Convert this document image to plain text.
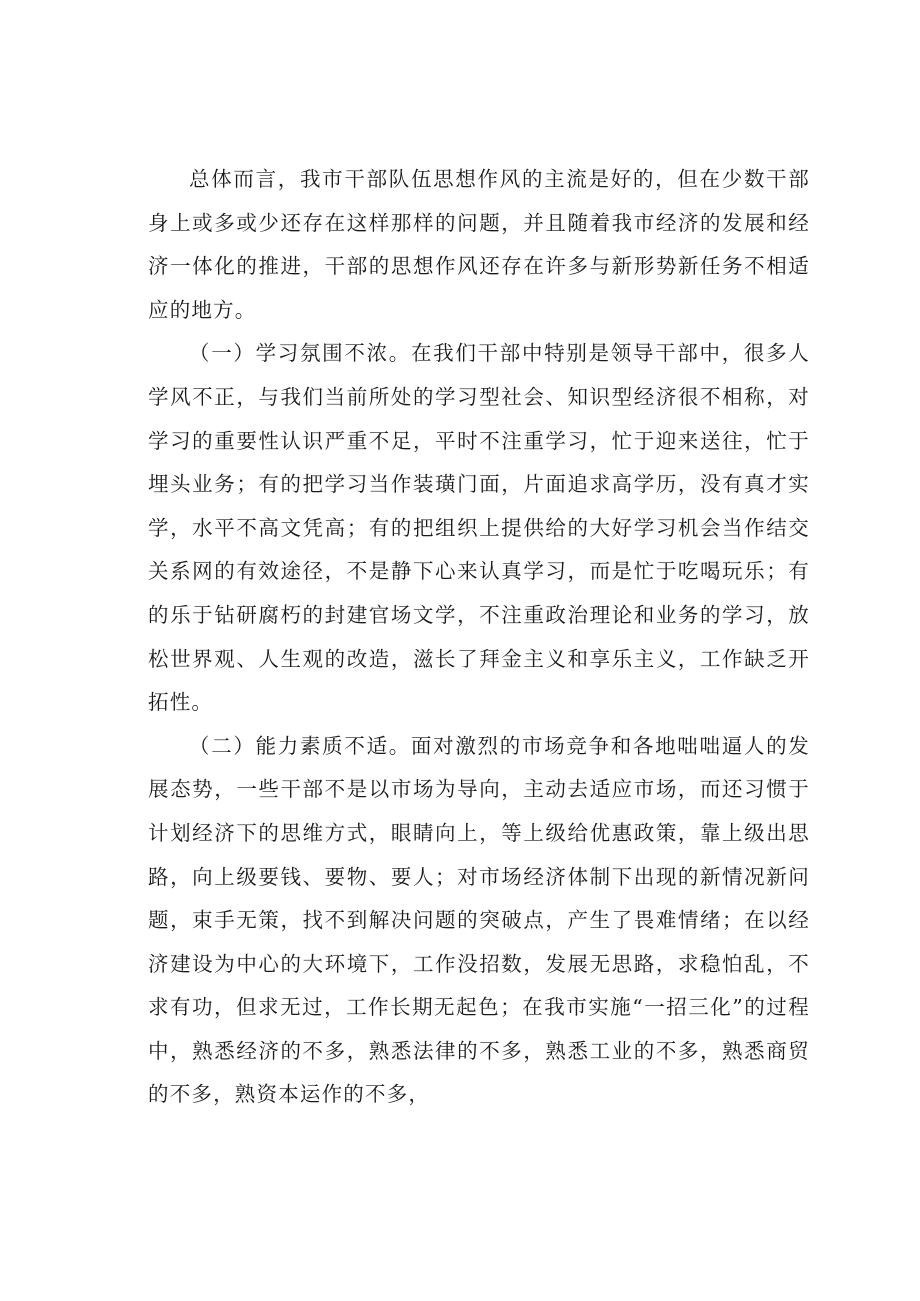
总体而言，我市干部队伍思想作风的主流是好的，但在少数干部身上或多或少还存在这样那样的问题，并且随着我市经济的发展和经济一体化的推进，干部的思想作风还存在许多与新形势新任务不相适应的地方。

（一）学习氛围不浓。在我们干部中特别是领导干部中，很多人学风不正，与我们当前所处的学习型社会、知识型经济很不相称，对学习的重要性认识严重不足，平时不注重学习，忙于迎来送往，忙于埋头业务；有的把学习当作装璜门面，片面追求高学历，没有真才实学，水平不高文凭高；有的把组织上提供给的大好学习机会当作结交关系网的有效途径，不是静下心来认真学习，而是忙于吃喝玩乐；有的乐于钻研腐朽的封建官场文学，不注重政治理论和业务的学习，放松世界观、人生观的改造，滋长了拜金主义和享乐主义，工作缺乏开拓性。

（二）能力素质不适。面对激烈的市场竞争和各地咄咄逼人的发展态势，一些干部不是以市场为导向，主动去适应市场，而还习惯于计划经济下的思维方式，眼睛向上，等上级给优惠政策，靠上级出思路，向上级要钱、要物、要人；对市场经济体制下出现的新情况新问题，束手无策，找不到解决问题的突破点，产生了畏难情绪；在以经济建设为中心的大环境下，工作没招数，发展无思路，求稳怕乱，不求有功，但求无过，工作长期无起色；在我市实施“一招三化”的过程中，熟悉经济的不多，熟悉法律的不多，熟悉工业的不多，熟悉商贸的不多，熟资本运作的不多，
